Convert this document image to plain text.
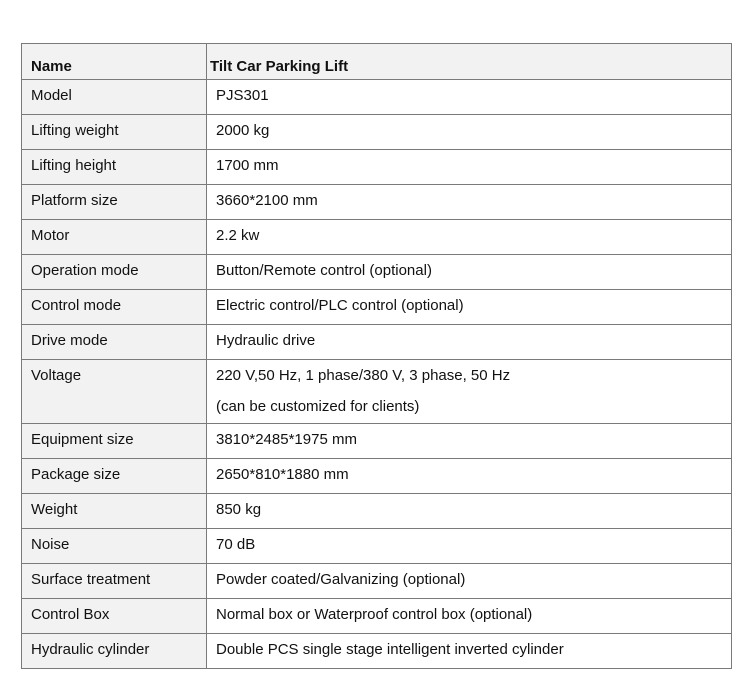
Name	Tilt Car Parking Lift
Model	PJS301
Lifting weight	2000 kg
Lifting height	1700 mm
Platform size	3660*2100 mm
Motor	2.2 kw
Operation mode	Button/Remote control (optional)
Control mode	Electric control/PLC control (optional)
Drive mode	Hydraulic drive
Voltage	220 V,50 Hz, 1 phase/380 V, 3 phase, 50 Hz
(can be customized for clients)

Equipment size	3810*2485*1975 mm
Package size	2650*810*1880 mm
Weight	850 kg
Noise	70 dB
Surface treatment	Powder coated/Galvanizing (optional)
Control Box	Normal box or Waterproof control box (optional)
Hydraulic cylinder	Double PCS single stage intelligent inverted cylinder
